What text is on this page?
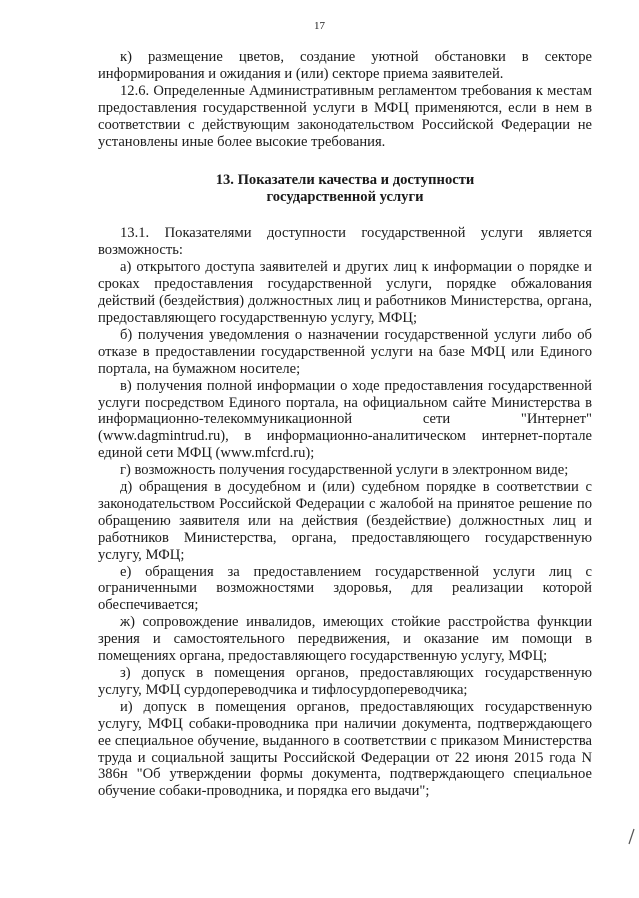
17

к) размещение цветов, создание уютной обстановки в секторе информирования и ожидания и (или) секторе приема заявителей.

12.6. Определенные Административным регламентом требования к местам предоставления государственной услуги в МФЦ применяются, если в нем в соответствии с действующим законодательством Российской Федерации не установлены иные более высокие требования.

13. Показатели качества и доступности
государственной услуги

13.1. Показателями доступности государственной услуги является возможность:

а) открытого доступа заявителей и других лиц к информации о порядке и сроках предоставления государственной услуги, порядке обжалования действий (бездействия) должностных лиц и работников Министерства, органа, предоставляющего государственную услугу, МФЦ;

б) получения уведомления о назначении государственной услуги либо об отказе в предоставлении государственной услуги на базе МФЦ или Единого портала, на бумажном носителе;

в) получения полной информации о ходе предоставления государственной услуги посредством Единого портала, на официальном сайте Министерства в информационно-телекоммуникационной сети "Интернет" (www.dagmintrud.ru), в информационно-аналитическом интернет-портале единой сети МФЦ (www.mfcrd.ru);

г) возможность получения государственной услуги в электронном виде;

д) обращения в досудебном и (или) судебном порядке в соответствии с законодательством Российской Федерации с жалобой на принятое решение по обращению заявителя или на действия (бездействие) должностных лиц и работников Министерства, органа, предоставляющего государственную услугу, МФЦ;

е) обращения за предоставлением государственной услуги лиц с ограниченными возможностями здоровья, для реализации которой обеспечивается;

ж) сопровождение инвалидов, имеющих стойкие расстройства функции зрения и самостоятельного передвижения, и оказание им помощи в помещениях органа, предоставляющего государственную услугу, МФЦ;

з) допуск в помещения органов, предоставляющих государственную услугу, МФЦ сурдопереводчика и тифлосурдопереводчика;

и) допуск в помещения органов, предоставляющих государственную услугу, МФЦ собаки-проводника при наличии документа, подтверждающего ее специальное обучение, выданного в соответствии с приказом Министерства труда и социальной защиты Российской Федерации от 22 июня 2015 года N 386н "Об утверждении формы документа, подтверждающего специальное обучение собаки-проводника, и порядка его выдачи";
